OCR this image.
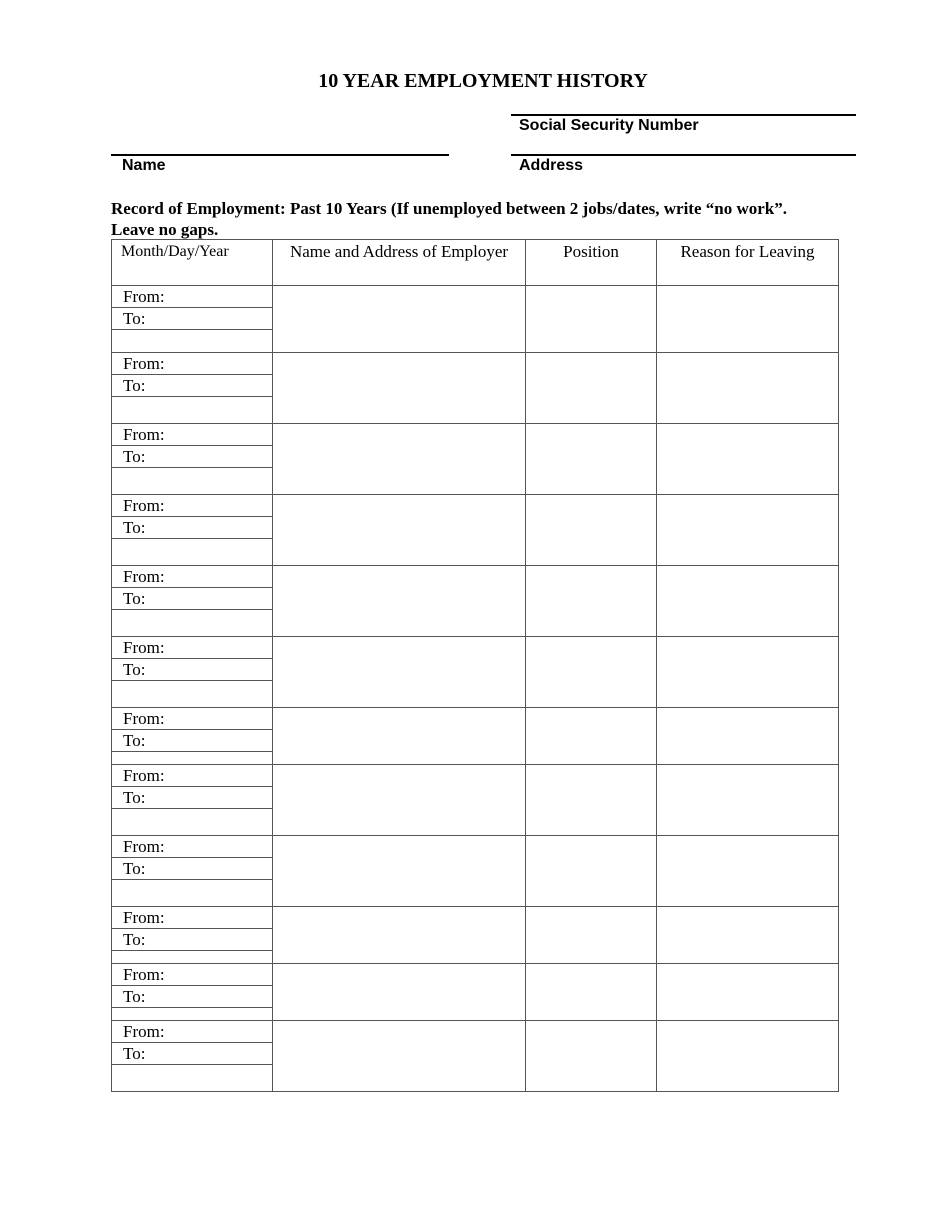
10 YEAR EMPLOYMENT HISTORY
Social Security Number
Name	Address
Record of Employment: Past 10 Years (If unemployed between 2 jobs/dates, write “no work”. Leave no gaps.
Month/Day/Year	Name and Address of Employer	Position	Reason for Leaving

From:
To:			

From:
To:			

From:
To:			

From:
To:			

From:
To:			

From:
To:			

From:
To:			

From:
To:			

From:
To:			

From:
To:			

From:
To:			

From:
To:			
